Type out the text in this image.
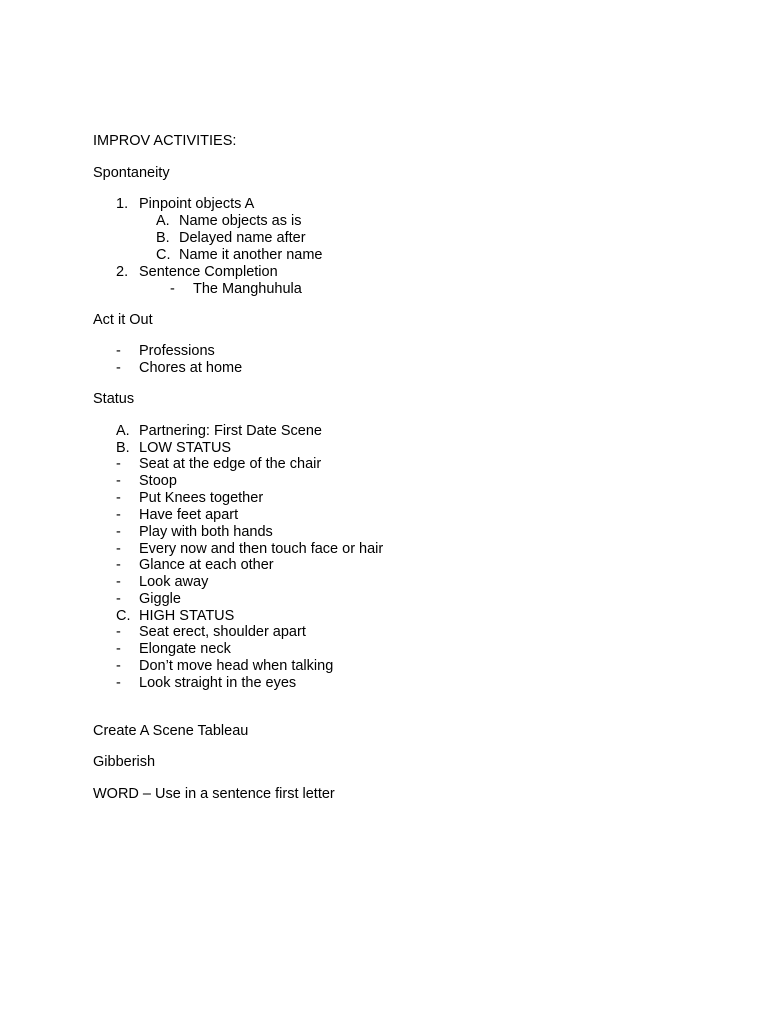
IMPROV ACTIVITIES:
Spontaneity
1. Pinpoint objects A
A. Name objects as is
B. Delayed name after
C. Name it another name
2. Sentence Completion
- The Manghuhula
Act it Out
- Professions
- Chores at home
Status
A. Partnering: First Date Scene
B. LOW STATUS
- Seat at the edge of the chair
- Stoop
- Put Knees together
- Have feet apart
- Play with both hands
- Every now and then touch face or hair
- Glance at each other
- Look away
- Giggle
C. HIGH STATUS
- Seat erect, shoulder apart
- Elongate neck
- Don’t move head when talking
- Look straight in the eyes
Create A Scene Tableau
Gibberish
WORD – Use in a sentence first letter
